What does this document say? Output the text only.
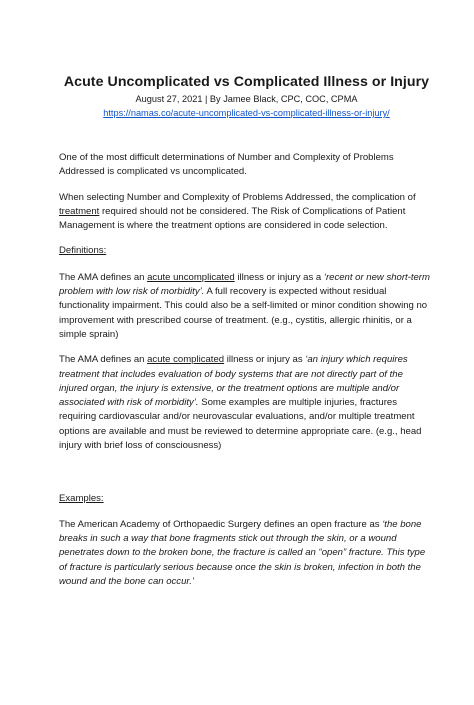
Acute Uncomplicated vs Complicated Illness or Injury

August 27, 2021 | By Jamee Black, CPC, COC, CPMA

https://namas.co/acute-uncomplicated-vs-complicated-illness-or-injury/

One of the most difficult determinations of Number and Complexity of Problems Addressed is complicated vs uncomplicated.

When selecting Number and Complexity of Problems Addressed, the complication of treatment required should not be considered. The Risk of Complications of Patient Management is where the treatment options are considered in code selection.

Definitions:

The AMA defines an acute uncomplicated illness or injury as a ‘recent or new short-term problem with low risk of morbidity’. A full recovery is expected without residual functionality impairment. This could also be a self-limited or minor condition showing no improvement with prescribed course of treatment. (e.g., cystitis, allergic rhinitis, or a simple sprain)

The AMA defines an acute complicated illness or injury as ‘an injury which requires treatment that includes evaluation of body systems that are not directly part of the injured organ, the injury is extensive, or the treatment options are multiple and/or associated with risk of morbidity’. Some examples are multiple injuries, fractures requiring cardiovascular and/or neurovascular evaluations, and/or multiple treatment options are available and must be reviewed to determine appropriate care. (e.g., head injury with brief loss of consciousness)

Examples:

The American Academy of Orthopaedic Surgery defines an open fracture as ‘the bone breaks in such a way that bone fragments stick out through the skin, or a wound penetrates down to the broken bone, the fracture is called an “open” fracture. This type of fracture is particularly serious because once the skin is broken, infection in both the wound and the bone can occur.’
